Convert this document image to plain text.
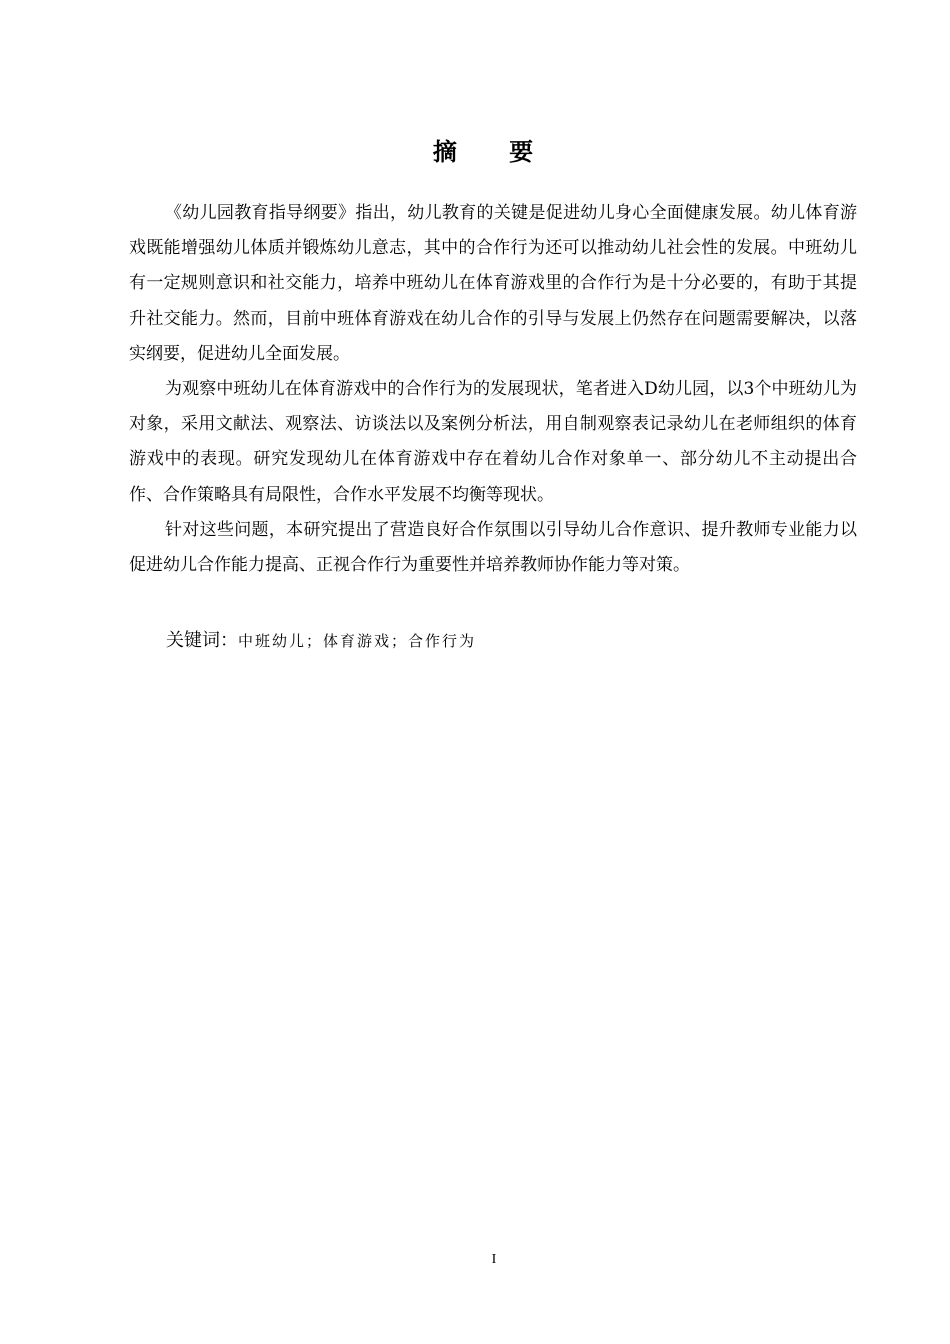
摘 要

《幼儿园教育指导纲要》指出，幼儿教育的关键是促进幼儿身心全面健康发展。幼儿体育游戏既能增强幼儿体质并锻炼幼儿意志，其中的合作行为还可以推动幼儿社会性的发展。中班幼儿有一定规则意识和社交能力，培养中班幼儿在体育游戏里的合作行为是十分必要的，有助于其提升社交能力。然而，目前中班体育游戏在幼儿合作的引导与发展上仍然存在问题需要解决，以落实纲要，促进幼儿全面发展。

为观察中班幼儿在体育游戏中的合作行为的发展现状，笔者进入D幼儿园，以3个中班幼儿为对象，采用文献法、观察法、访谈法以及案例分析法，用自制观察表记录幼儿在老师组织的体育游戏中的表现。研究发现幼儿在体育游戏中存在着幼儿合作对象单一、部分幼儿不主动提出合作、合作策略具有局限性，合作水平发展不均衡等现状。

针对这些问题，本研究提出了营造良好合作氛围以引导幼儿合作意识、提升教师专业能力以促进幼儿合作能力提高、正视合作行为重要性并培养教师协作能力等对策。

关键词：中班幼儿；体育游戏；合作行为
I
